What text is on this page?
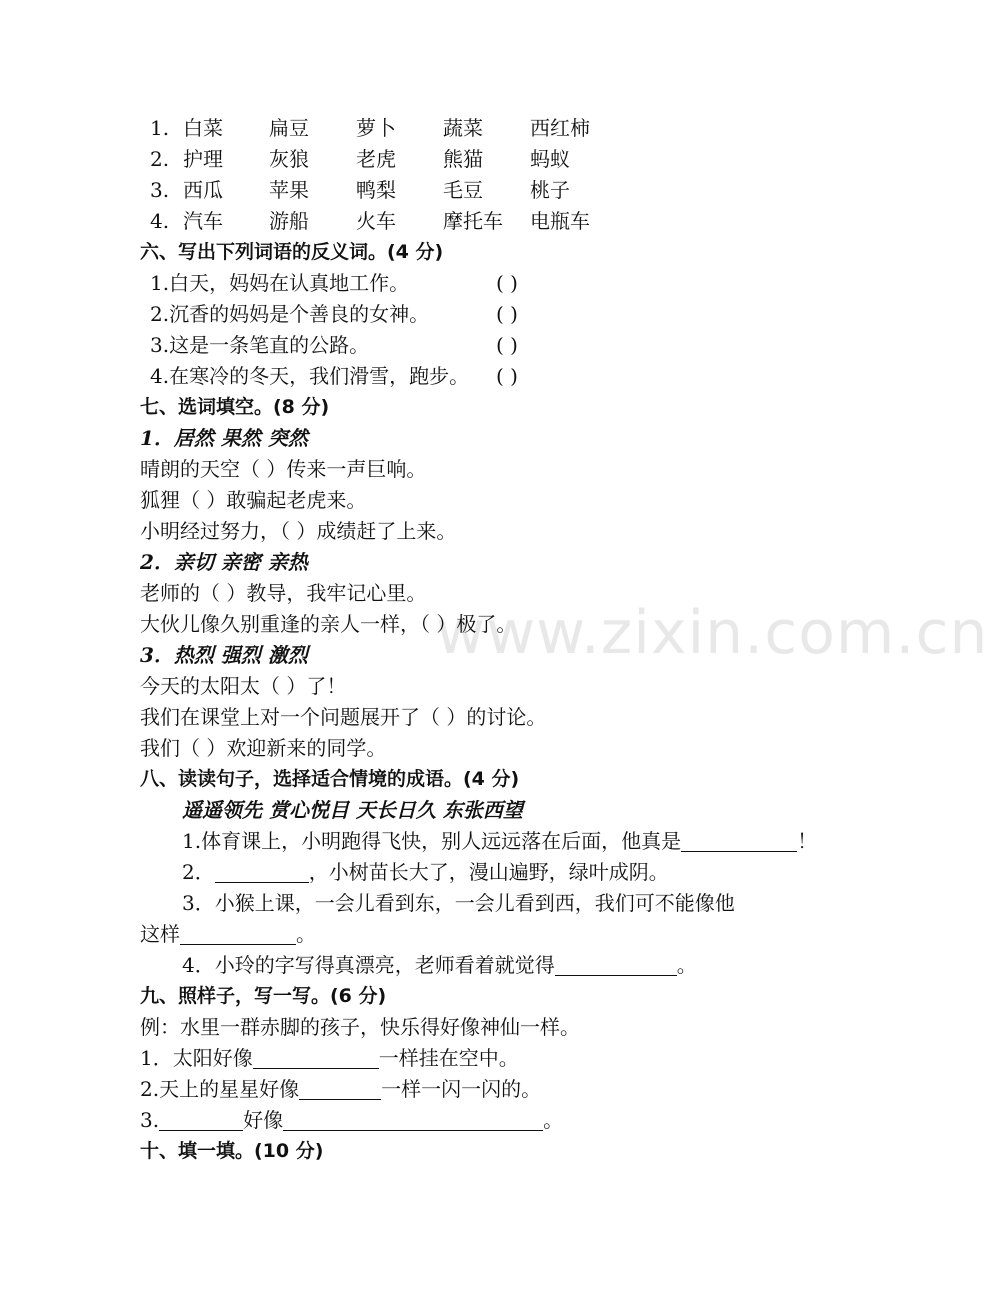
1. 白菜 扁豆 萝卜 蔬菜 西红柿
2. 护理 灰狼 老虎 熊猫 蚂蚁
3. 西瓜 苹果 鸭梨 毛豆 桃子
4. 汽车 游船 火车 摩托车 电瓶车
六、写出下列词语的反义词。(4 分)
1.白天，妈妈在认真地工作。	( )
2.沉香的妈妈是个善良的女神。	( )
3.这是一条笔直的公路。	( )
4.在寒冷的冬天，我们滑雪，跑步。 ( )
七、选词填空。(8 分)
1．居然 果然 突然
晴朗的天空（ ）传来一声巨响。
狐狸（ ）敢骗起老虎来。
小明经过努力，（ ）成绩赶了上来。
2．亲切 亲密 亲热
老师的（ ）教导，我牢记心里。
大伙儿像久别重逢的亲人一样，（ ）极了。
3．热烈 强烈 激烈
今天的太阳太（ ）了！
我们在课堂上对一个问题展开了（ ）的讨论。
我们（ ）欢迎新来的同学。
八、读读句子，选择适合情境的成语。(4 分)
遥遥领先 赏心悦目 天长日久 东张西望
1.体育课上，小明跑得飞快，别人远远落在后面，他真是	！
2．	，小树苗长大了，漫山遍野，绿叶成阴。
3．小猴上课，一会儿看到东，一会儿看到西，我们可不能像他
这样	。
4．小玲的字写得真漂亮，老师看着就觉得	。
九、照样子，写一写。(6 分)
例：水里一群赤脚的孩子，快乐得好像神仙一样。
1．太阳好像	一样挂在空中。
2.天上的星星好像	一样一闪一闪的。
3.	好像	。
十、填一填。(10 分)
www.zixin.com.cn
